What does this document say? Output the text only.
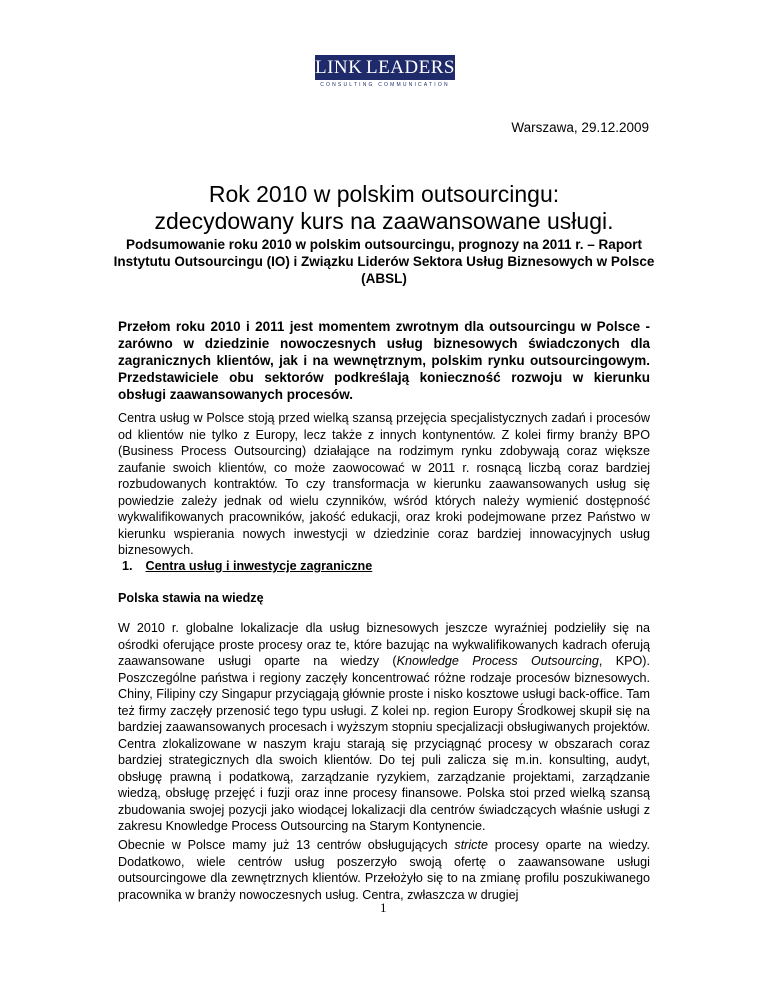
LINK LEADERS
CONSULTING COMMUNICATION
Warszawa, 29.12.2009
Rok 2010 w polskim outsourcingu:
zdecydowany kurs na zaawansowane usługi.
Podsumowanie roku 2010 w polskim outsourcingu, prognozy na 2011 r. – Raport Instytutu Outsourcingu (IO) i Związku Liderów Sektora Usług Biznesowych w Polsce (ABSL)
Przełom roku 2010 i 2011 jest momentem zwrotnym dla outsourcingu w Polsce - zarówno w dziedzinie nowoczesnych usług biznesowych świadczonych dla zagranicznych klientów, jak i na wewnętrznym, polskim rynku outsourcingowym. Przedstawiciele obu sektorów podkreślają konieczność rozwoju w kierunku obsługi zaawansowanych procesów.
Centra usług w Polsce stoją przed wielką szansą przejęcia specjalistycznych zadań i procesów od klientów nie tylko z Europy, lecz także z innych kontynentów. Z kolei firmy branży BPO (Business Process Outsourcing) działające na rodzimym rynku zdobywają coraz większe zaufanie swoich klientów, co może zaowocować w 2011 r. rosnącą liczbą coraz bardziej rozbudowanych kontraktów. To czy transformacja w kierunku zaawansowanych usług się powiedzie zależy jednak od wielu czynników, wśród których należy wymienić dostępność wykwalifikowanych pracowników, jakość edukacji, oraz kroki podejmowane przez Państwo w kierunku wspierania nowych inwestycji w dziedzinie coraz bardziej innowacyjnych usług biznesowych.
1. Centra usług i inwestycje zagraniczne
Polska stawia na wiedzę
W 2010 r. globalne lokalizacje dla usług biznesowych jeszcze wyraźniej podzieliły się na ośrodki oferujące proste procesy oraz te, które bazując na wykwalifikowanych kadrach oferują zaawansowane usługi oparte na wiedzy (Knowledge Process Outsourcing, KPO). Poszczególne państwa i regiony zaczęły koncentrować różne rodzaje procesów biznesowych. Chiny, Filipiny czy Singapur przyciągają głównie proste i nisko kosztowe usługi back-office. Tam też firmy zaczęły przenosić tego typu usługi. Z kolei np. region Europy Środkowej skupił się na bardziej zaawansowanych procesach i wyższym stopniu specjalizacji obsługiwanych projektów. Centra zlokalizowane w naszym kraju starają się przyciągnąć procesy w obszarach coraz bardziej strategicznych dla swoich klientów. Do tej puli zalicza się m.in. konsulting, audyt, obsługę prawną i podatkową, zarządzanie ryzykiem, zarządzanie projektami, zarządzanie wiedzą, obsługę przejęć i fuzji oraz inne procesy finansowe. Polska stoi przed wielką szansą zbudowania swojej pozycji jako wiodącej lokalizacji dla centrów świadczących właśnie usługi z zakresu Knowledge Process Outsourcing na Starym Kontynencie.
Obecnie w Polsce mamy już 13 centrów obsługujących stricte procesy oparte na wiedzy. Dodatkowo, wiele centrów usług poszerzyło swoją ofertę o zaawansowane usługi outsourcingowe dla zewnętrznych klientów. Przełożyło się to na zmianę profilu poszukiwanego pracownika w branży nowoczesnych usług. Centra, zwłaszcza w drugiej
1
